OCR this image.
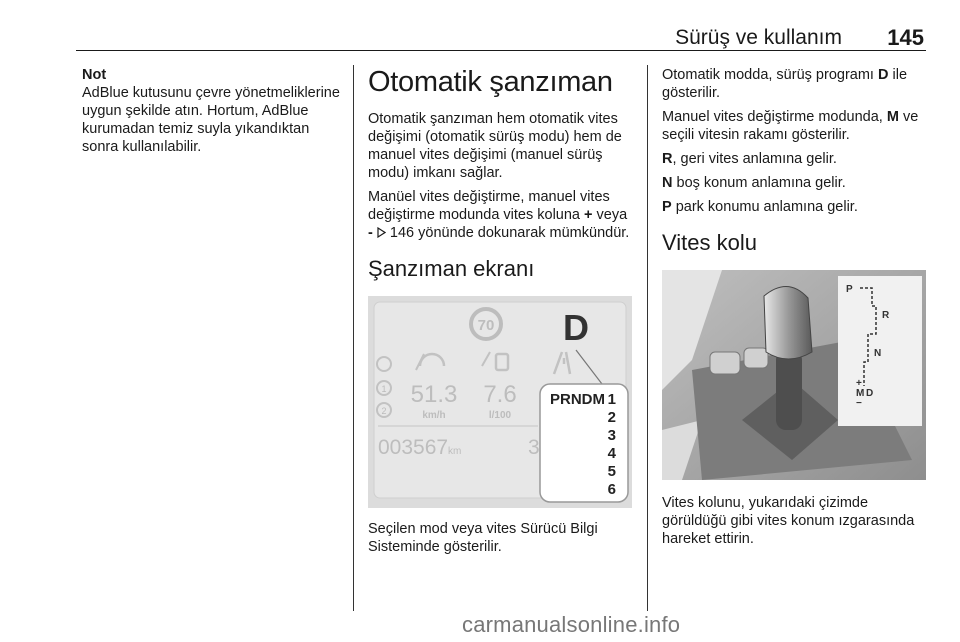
Sürüş ve kullanım 145
Not
AdBlue kutusunu çevre yönetmeliklerine uygun şekilde atın. Hortum, AdBlue kurumadan temiz suyla yıkandıktan sonra kullanılabilir.
Otomatik şanzıman

Otomatik şanzıman hem otomatik vites değişimi (otomatik sürüş modu) hem de manuel vites değişimi (manuel sürüş modu) imkanı sağlar.

Manüel vites değiştirme, manuel vites değiştirme modunda vites koluna + veya -  146 yönünde dokunarak mümkündür.

Şanzıman ekranı
70 D
1
2
51.3
km/h
7.6
l/100
003567 km	3
PRNDM 1
2
3
4
5
6

Seçilen mod veya vites Sürücü Bilgi Sisteminde gösterilir.

Otomatik modda, sürüş programı D ile gösterilir.

Manuel vites değiştirme modunda, M ve seçili vitesin rakamı gösterilir.

R, geri vites anlamına gelir.

N boş konum anlamına gelir.

P park konumu anlamına gelir.

Vites kolu
P
R
N
+
M D
−

Vites kolunu, yukarıdaki çizimde görüldüğü gibi vites konum ızgarasında hareket ettirin.

carmanualsonline.info
